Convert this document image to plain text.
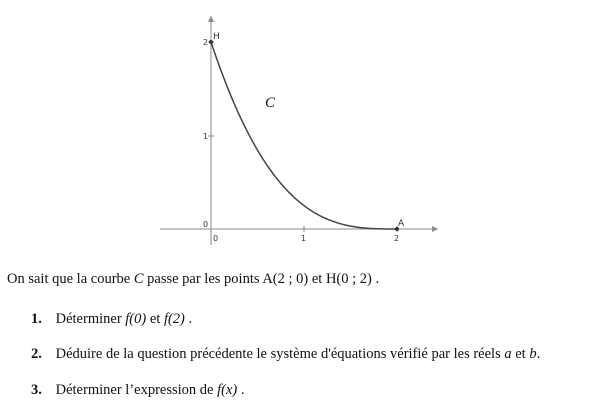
0	1	2
1
2
0
H
A
C
On sait que la courbe C passe par les points A(2 ; 0) et H(0 ; 2) .
1. Déterminer f(0) et f(2) .
2. Déduire de la question précédente le système d'équations vérifié par les réels a et b.
3. Déterminer l’expression de f(x) .
